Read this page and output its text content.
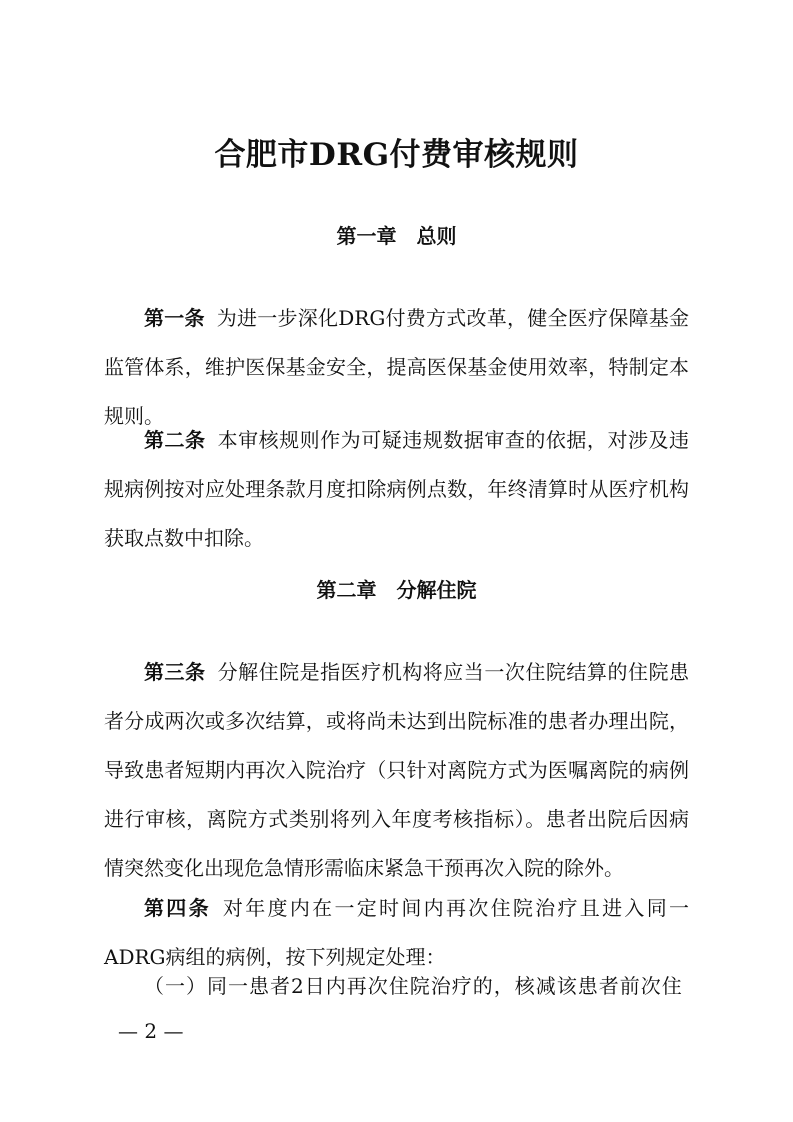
合肥市DRG付费审核规则
第一章　总则

第一条 为进一步深化DRG付费方式改革，健全医疗保障基金监管体系，维护医保基金安全，提高医保基金使用效率，特制定本规则。

第二条 本审核规则作为可疑违规数据审查的依据，对涉及违规病例按对应处理条款月度扣除病例点数，年终清算时从医疗机构获取点数中扣除。

第二章　分解住院

第三条 分解住院是指医疗机构将应当一次住院结算的住院患者分成两次或多次结算，或将尚未达到出院标准的患者办理出院，导致患者短期内再次入院治疗（只针对离院方式为医嘱离院的病例进行审核，离院方式类别将列入年度考核指标）。患者出院后因病情突然变化出现危急情形需临床紧急干预再次入院的除外。

第四条 对年度内在一定时间内再次住院治疗且进入同一ADRG病组的病例，按下列规定处理：

（一）同一患者2日内再次住院治疗的，核减该患者前次住

— 2 —
